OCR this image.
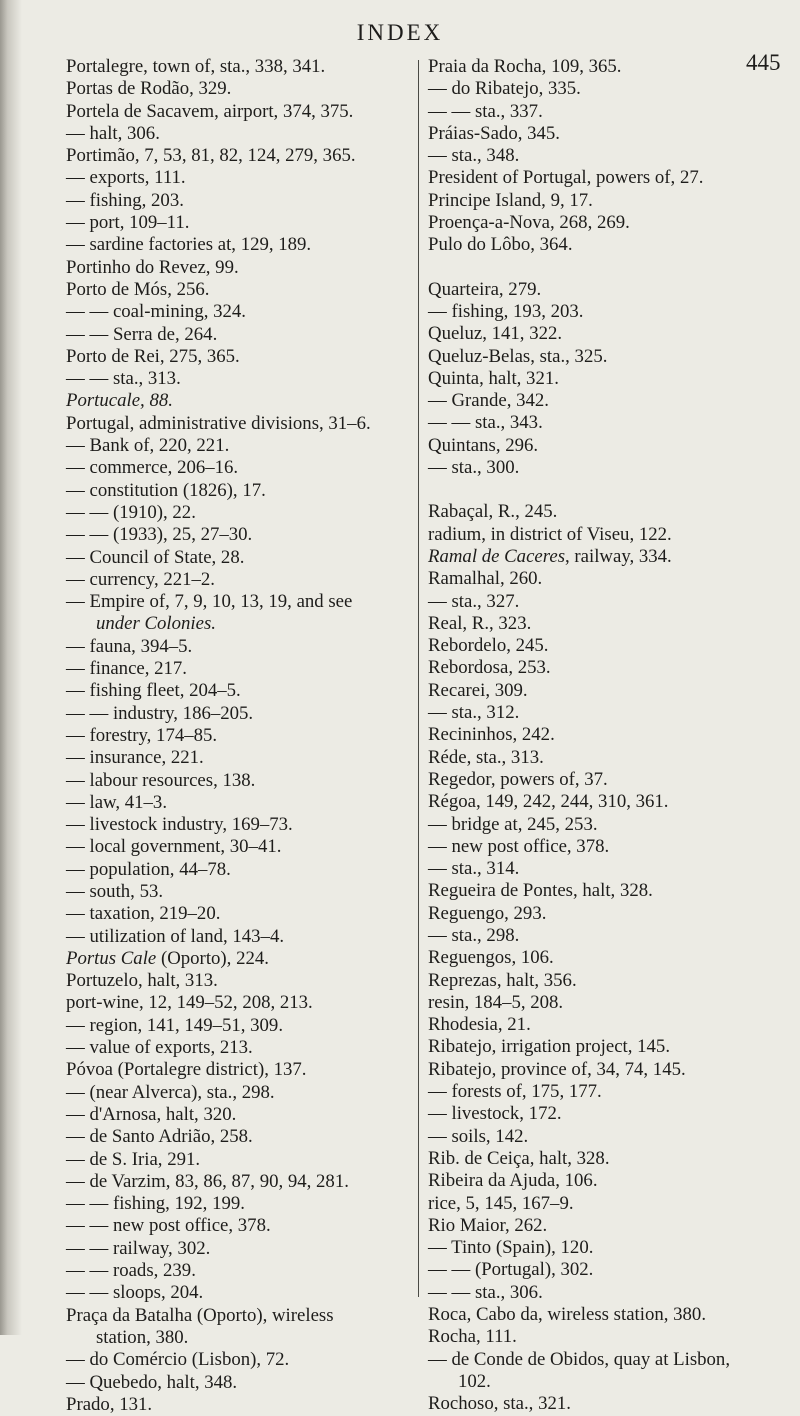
INDEX
445
Portalegre, town of, sta., 338, 341.
Portas de Rodão, 329.
Portela de Sacavem, airport, 374, 375.
— halt, 306.
Portimão, 7, 53, 81, 82, 124, 279, 365.
— exports, 111.
— fishing, 203.
— port, 109–11.
— sardine factories at, 129, 189.
Portinho do Revez, 99.
Porto de Mós, 256.
— — coal-mining, 324.
— — Serra de, 264.
Porto de Rei, 275, 365.
— — sta., 313.
Portucale, 88.
Portugal, administrative divisions, 31–6.
— Bank of, 220, 221.
— commerce, 206–16.
— constitution (1826), 17.
— — (1910), 22.
— — (1933), 25, 27–30.
— Council of State, 28.
— currency, 221–2.
— Empire of, 7, 9, 10, 13, 19, and see
under Colonies.
— fauna, 394–5.
— finance, 217.
— fishing fleet, 204–5.
— — industry, 186–205.
— forestry, 174–85.
— insurance, 221.
— labour resources, 138.
— law, 41–3.
— livestock industry, 169–73.
— local government, 30–41.
— population, 44–78.
— south, 53.
— taxation, 219–20.
— utilization of land, 143–4.
Portus Cale (Oporto), 224.
Portuzelo, halt, 313.
port-wine, 12, 149–52, 208, 213.
— region, 141, 149–51, 309.
— value of exports, 213.
Póvoa (Portalegre district), 137.
— (near Alverca), sta., 298.
— d'Arnosa, halt, 320.
— de Santo Adrião, 258.
— de S. Iria, 291.
— de Varzim, 83, 86, 87, 90, 94, 281.
— — fishing, 192, 199.
— — new post office, 378.
— — railway, 302.
— — roads, 239.
— — sloops, 204.
Praça da Batalha (Oporto), wireless
station, 380.
— do Comércio (Lisbon), 72.
— Quebedo, halt, 348.
Prado, 131.
Praia da Rocha, 109, 365.
— do Ribatejo, 335.
— — sta., 337.
Práias-Sado, 345.
— sta., 348.
President of Portugal, powers of, 27.
Principe Island, 9, 17.
Proença-a-Nova, 268, 269.
Pulo do Lôbo, 364.
Quarteira, 279.
— fishing, 193, 203.
Queluz, 141, 322.
Queluz-Belas, sta., 325.
Quinta, halt, 321.
— Grande, 342.
— — sta., 343.
Quintans, 296.
— sta., 300.
Rabaçal, R., 245.
radium, in district of Viseu, 122.
Ramal de Caceres, railway, 334.
Ramalhal, 260.
— sta., 327.
Real, R., 323.
Rebordelo, 245.
Rebordosa, 253.
Recarei, 309.
— sta., 312.
Recininhos, 242.
Réde, sta., 313.
Regedor, powers of, 37.
Régoa, 149, 242, 244, 310, 361.
— bridge at, 245, 253.
— new post office, 378.
— sta., 314.
Regueira de Pontes, halt, 328.
Reguengo, 293.
— sta., 298.
Reguengos, 106.
Reprezas, halt, 356.
resin, 184–5, 208.
Rhodesia, 21.
Ribatejo, irrigation project, 145.
Ribatejo, province of, 34, 74, 145.
— forests of, 175, 177.
— livestock, 172.
— soils, 142.
Rib. de Ceiça, halt, 328.
Ribeira da Ajuda, 106.
rice, 5, 145, 167–9.
Rio Maior, 262.
— Tinto (Spain), 120.
— — (Portugal), 302.
— — sta., 306.
Roca, Cabo da, wireless station, 380.
Rocha, 111.
— de Conde de Obidos, quay at Lisbon,
102.
Rochoso, sta., 321.
